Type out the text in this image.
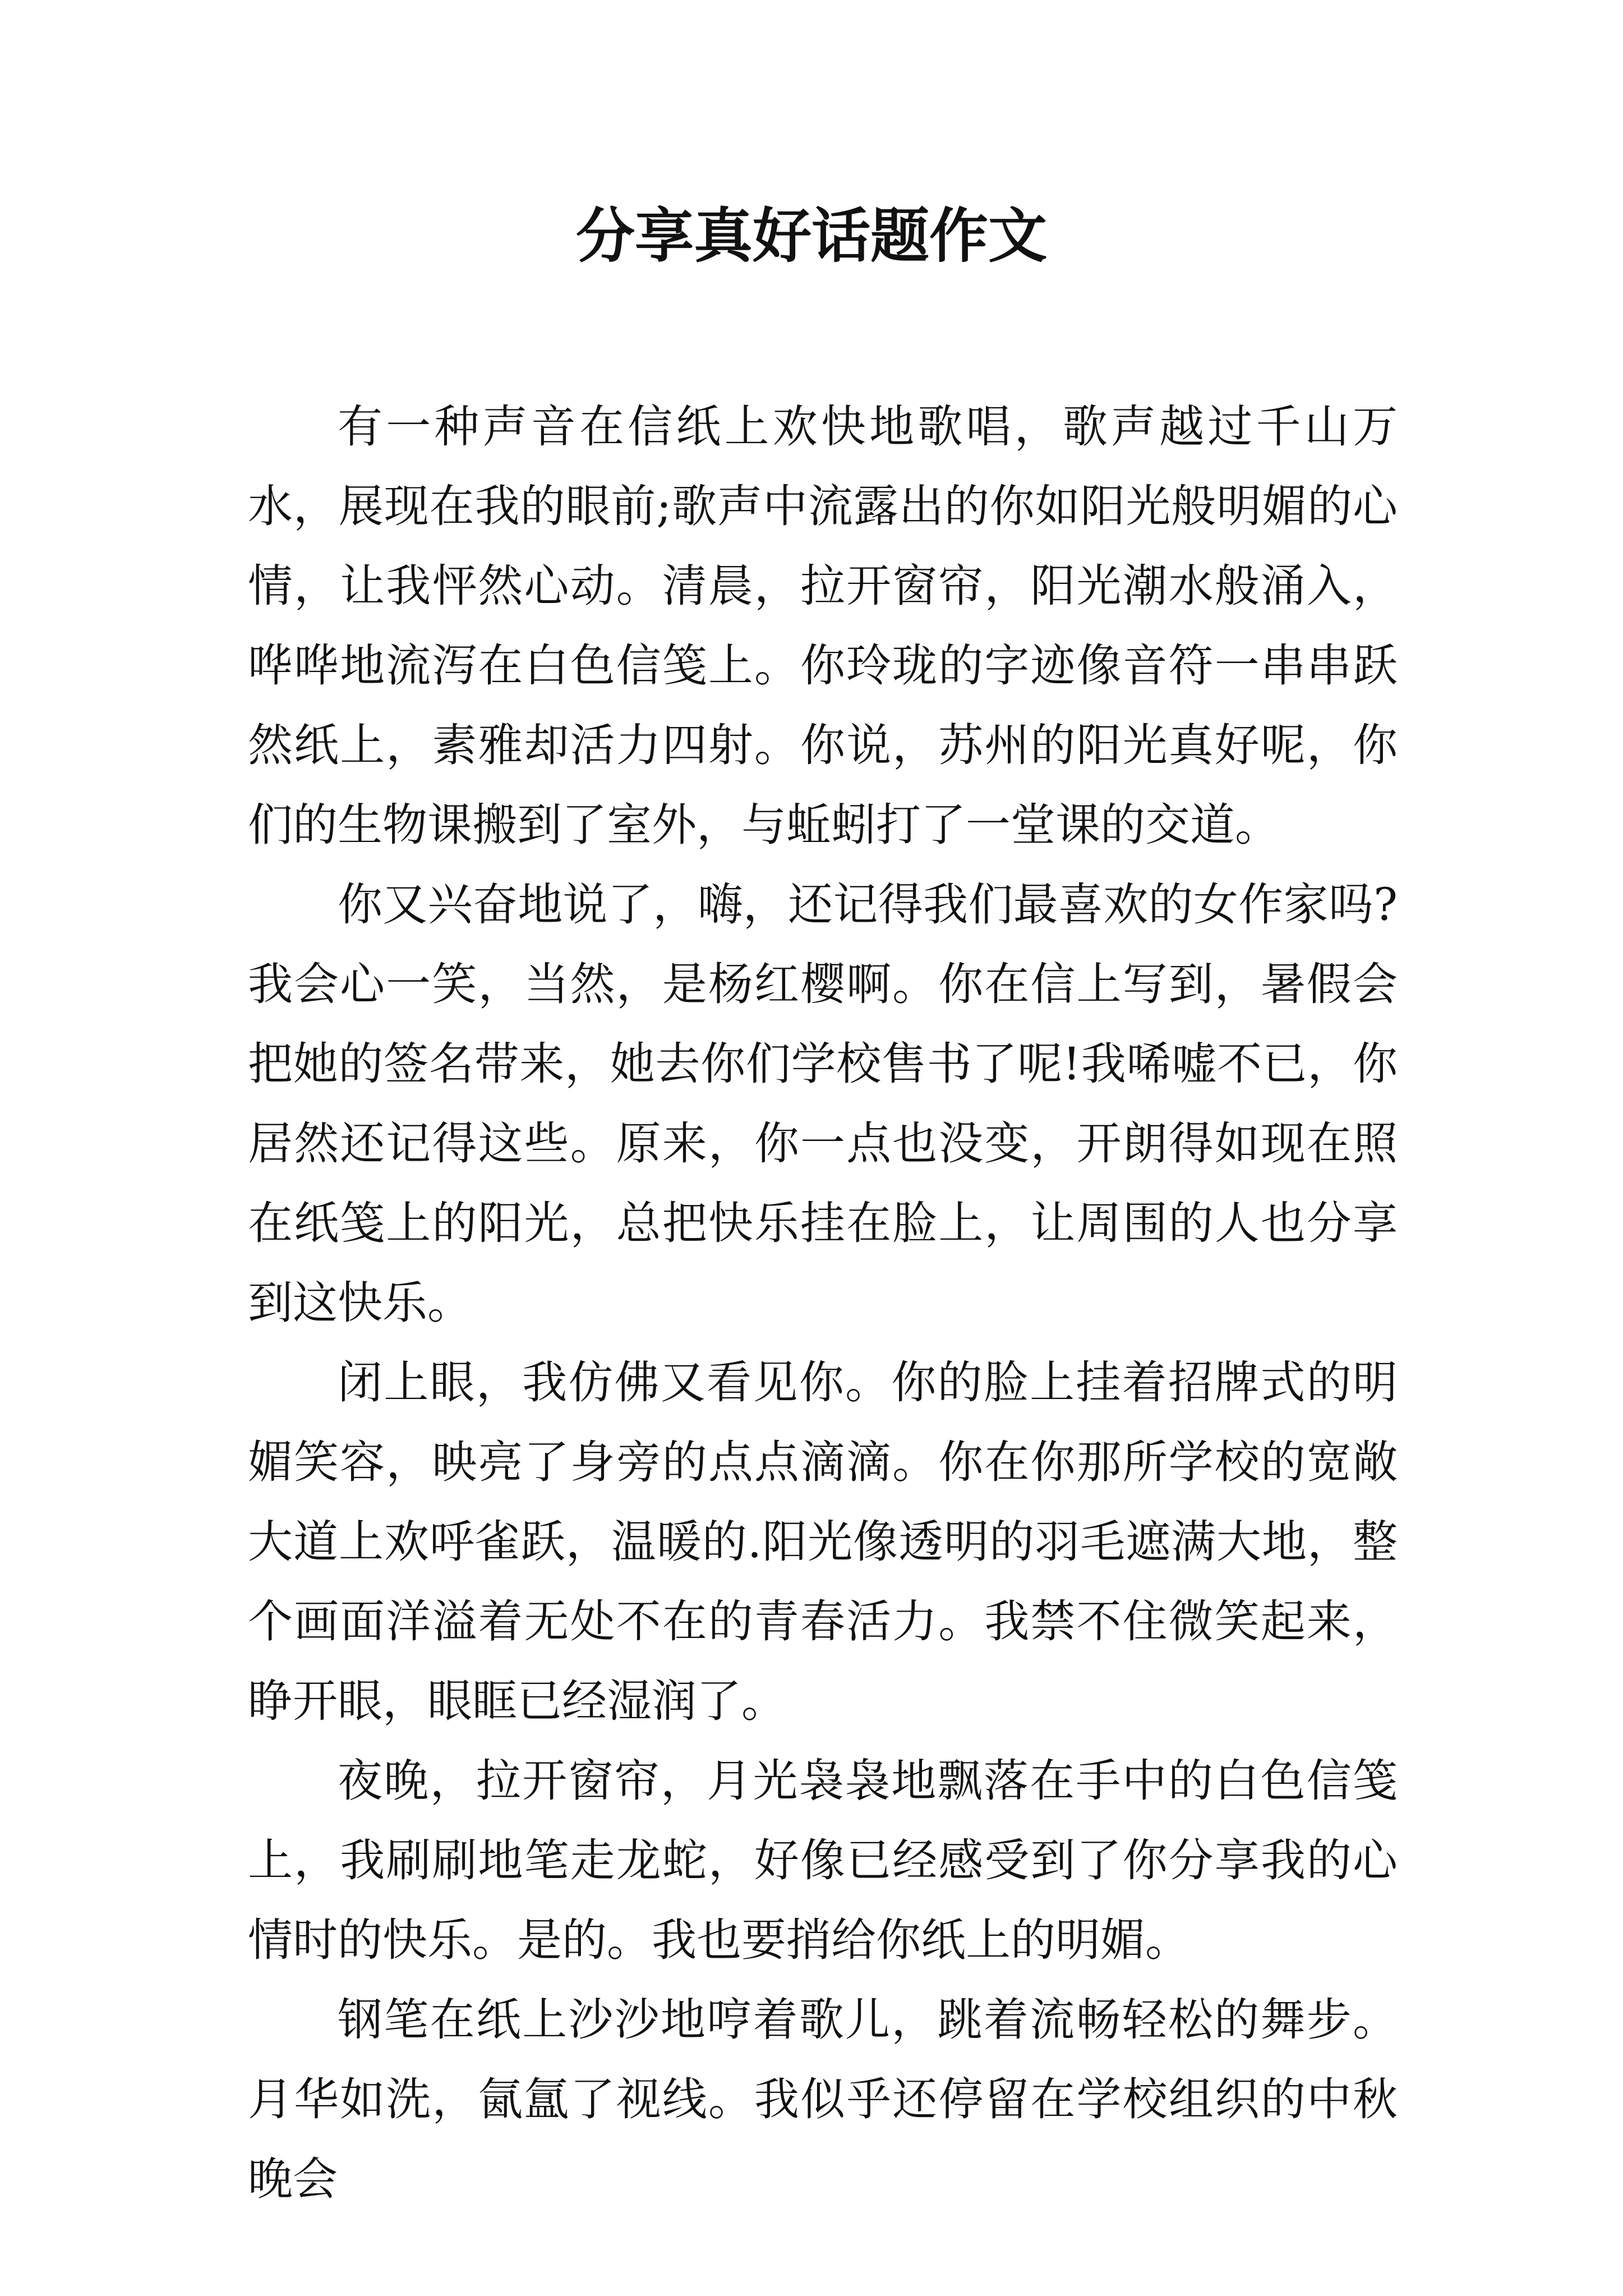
分享真好话题作文

有一种声音在信纸上欢快地歌唱，歌声越过千山万水，展现在我的眼前;歌声中流露出的你如阳光般明媚的心情，让我怦然心动。清晨，拉开窗帘，阳光潮水般涌入，哗哗地流泻在白色信笺上。你玲珑的字迹像音符一串串跃然纸上，素雅却活力四射。你说，苏州的阳光真好呢，你们的生物课搬到了室外，与蚯蚓打了一堂课的交道。

你又兴奋地说了，嗨，还记得我们最喜欢的女作家吗?我会心一笑，当然，是杨红樱啊。你在信上写到，暑假会把她的签名带来，她去你们学校售书了呢!我唏嘘不已，你居然还记得这些。原来，你一点也没变，开朗得如现在照在纸笺上的阳光，总把快乐挂在脸上，让周围的人也分享到这快乐。

闭上眼，我仿佛又看见你。你的脸上挂着招牌式的明媚笑容，映亮了身旁的点点滴滴。你在你那所学校的宽敞大道上欢呼雀跃，温暖的.阳光像透明的羽毛遮满大地，整个画面洋溢着无处不在的青春活力。我禁不住微笑起来，睁开眼，眼眶已经湿润了。

夜晚，拉开窗帘，月光袅袅地飘落在手中的白色信笺上，我刷刷地笔走龙蛇，好像已经感受到了你分享我的心情时的快乐。是的。我也要捎给你纸上的明媚。

钢笔在纸上沙沙地哼着歌儿，跳着流畅轻松的舞步。月华如洗，氤氲了视线。我似乎还停留在学校组织的中秋晚会
